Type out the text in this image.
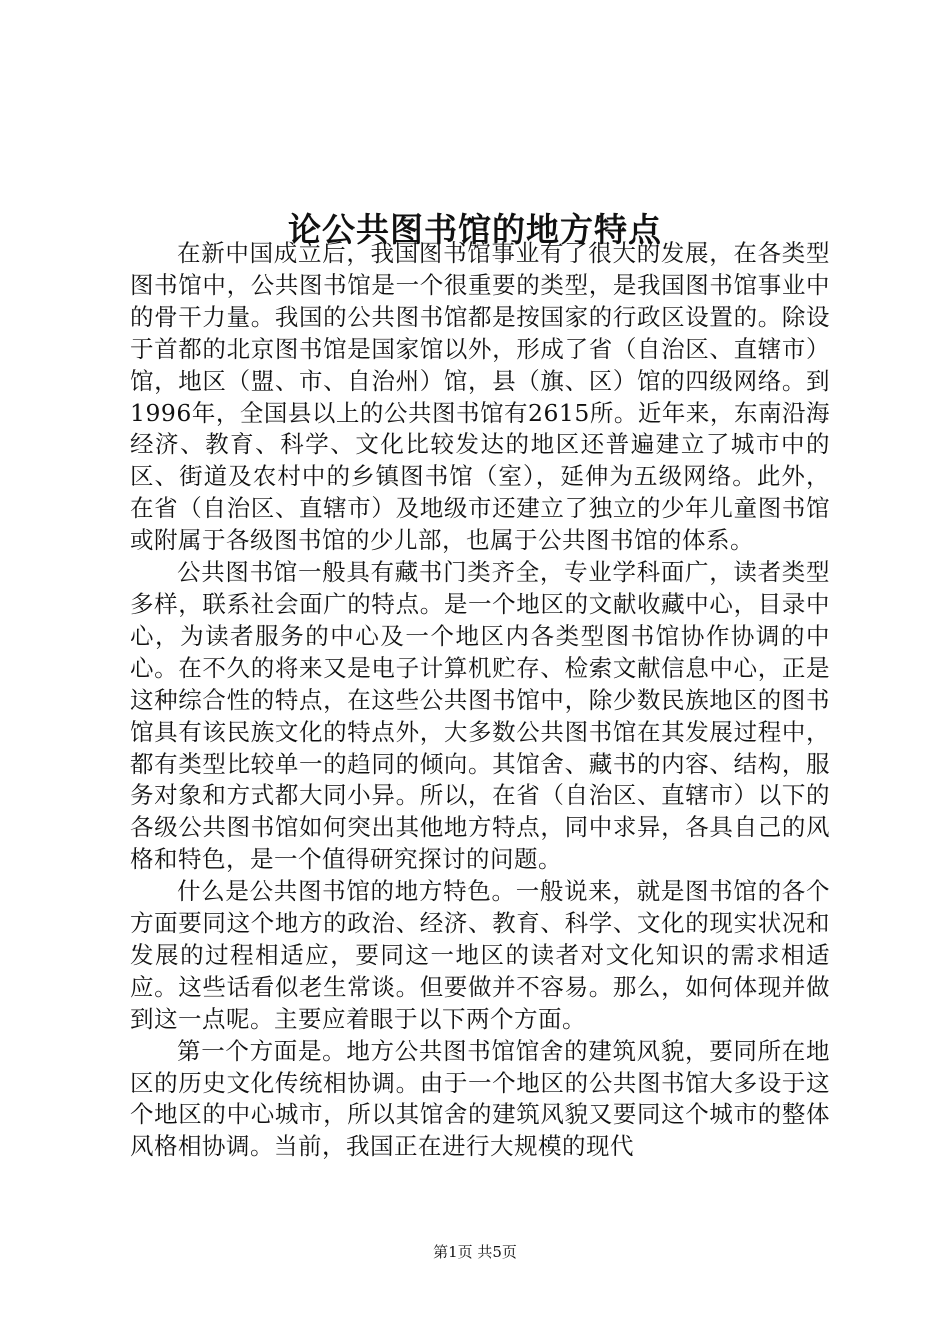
论公共图书馆的地方特点

在新中国成立后，我国图书馆事业有了很大的发展，在各类型图书馆中，公共图书馆是一个很重要的类型，是我国图书馆事业中的骨干力量。我国的公共图书馆都是按国家的行政区设置的。除设于首都的北京图书馆是国家馆以外，形成了省（自治区、直辖市）馆，地区（盟、市、自治州）馆，县（旗、区）馆的四级网络。到1996年，全国县以上的公共图书馆有2615所。近年来，东南沿海经济、教育、科学、文化比较发达的地区还普遍建立了城市中的区、街道及农村中的乡镇图书馆（室），延伸为五级网络。此外，在省（自治区、直辖市）及地级市还建立了独立的少年儿童图书馆或附属于各级图书馆的少儿部，也属于公共图书馆的体系。

公共图书馆一般具有藏书门类齐全，专业学科面广，读者类型多样，联系社会面广的特点。是一个地区的文献收藏中心，目录中心，为读者服务的中心及一个地区内各类型图书馆协作协调的中心。在不久的将来又是电子计算机贮存、检索文献信息中心，正是这种综合性的特点，在这些公共图书馆中，除少数民族地区的图书馆具有该民族文化的特点外，大多数公共图书馆在其发展过程中，都有类型比较单一的趋同的倾向。其馆舍、藏书的内容、结构，服务对象和方式都大同小异。所以，在省（自治区、直辖市）以下的各级公共图书馆如何突出其他地方特点，同中求异，各具自己的风格和特色，是一个值得研究探讨的问题。

什么是公共图书馆的地方特色。一般说来，就是图书馆的各个方面要同这个地方的政治、经济、教育、科学、文化的现实状况和发展的过程相适应，要同这一地区的读者对文化知识的需求相适应。这些话看似老生常谈。但要做并不容易。那么，如何体现并做到这一点呢。主要应着眼于以下两个方面。

第一个方面是。地方公共图书馆馆舍的建筑风貌，要同所在地区的历史文化传统相协调。由于一个地区的公共图书馆大多设于这个地区的中心城市，所以其馆舍的建筑风貌又要同这个城市的整体风格相协调。当前，我国正在进行大规模的现代

第1页 共5页
